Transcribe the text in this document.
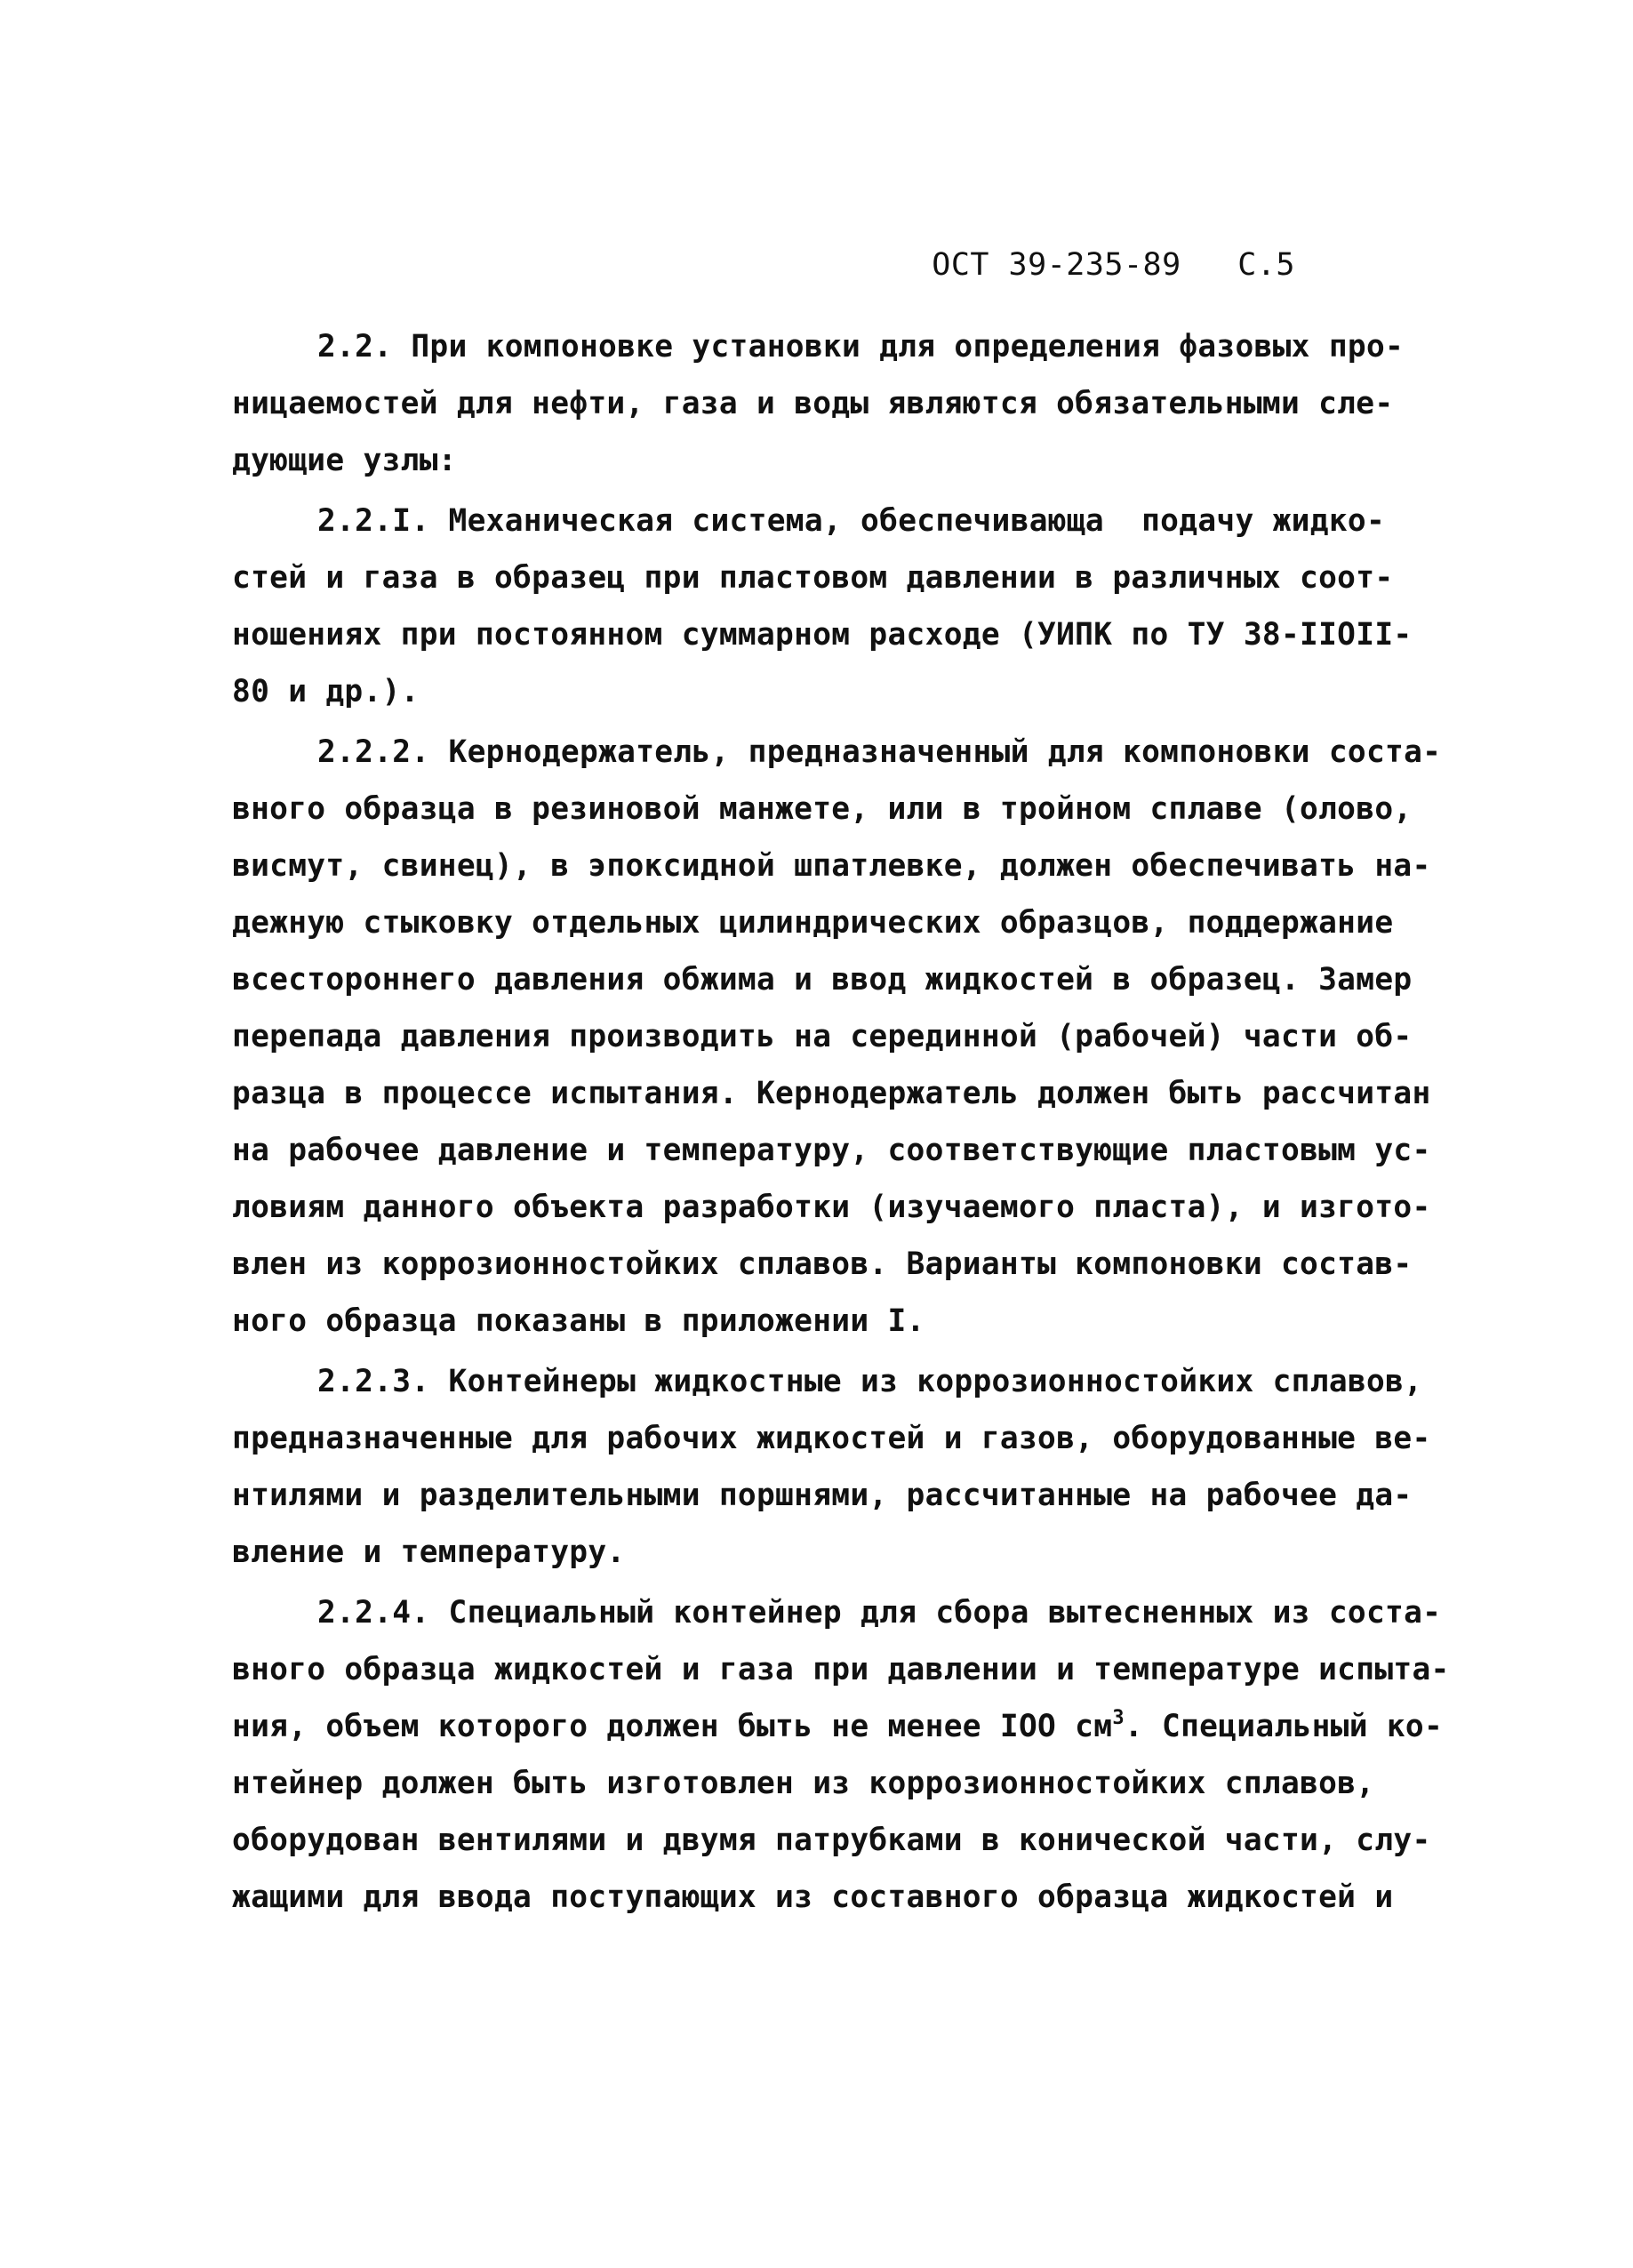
ОСТ 39-235-89 С.5
2.2. При компоновке установки для определения фазовых про-
ницаемостей для нефти, газа и воды являются обязательными сле-
дующие узлы:
2.2.I. Механическая система, обеспечивающа  подачу жидко-
стей и газа в образец при пластовом давлении в различных соот-
ношениях при постоянном суммарном расходе (УИПК по ТУ 38-IIOII-
80 и др.).
2.2.2. Кернодержатель, предназначенный для компоновки состa-
вного образца в резиновой манжете, или в тройном сплаве (олово,
висмут, свинец), в эпоксидной шпатлевке, должен обеспечивать на-
дежную стыковку отдельных цилиндрических образцов, поддержание
всестороннего давления обжима и ввод жидкостей в образец. Замер
перепада давления производить на серединной (рабочей) части об-
разца в процессе испытания. Кернодержатель должен быть рассчитан
на рабочее давление и температуру, соответствующие пластовым ус-
ловиям данного объекта разработки (изучаемого пласта), и изгото-
влен из коррозионностойких сплавов. Варианты компоновки состав-
ного образца показаны в приложении I.
2.2.3. Контейнеры жидкостные из коррозионностойких сплавов,
предназначенные для рабочих жидкостей и газов, оборудованные ве-
нтилями и разделительными поршнями, рассчитанные на рабочее да-
вление и температуру.
2.2.4. Специальный контейнер для сбора вытесненных из соста-
вного образца жидкостей и газа при давлении и температуре испыта-
ния, объем которого должен быть не менее IOO $см^3$. Специальный ко-
нтейнер должен быть изготовлен из коррозионностойких сплавов,
оборудован вентилями и двумя патрубками в конической части, слу-
жащими для ввода поступающих из составного образца жидкостей и
